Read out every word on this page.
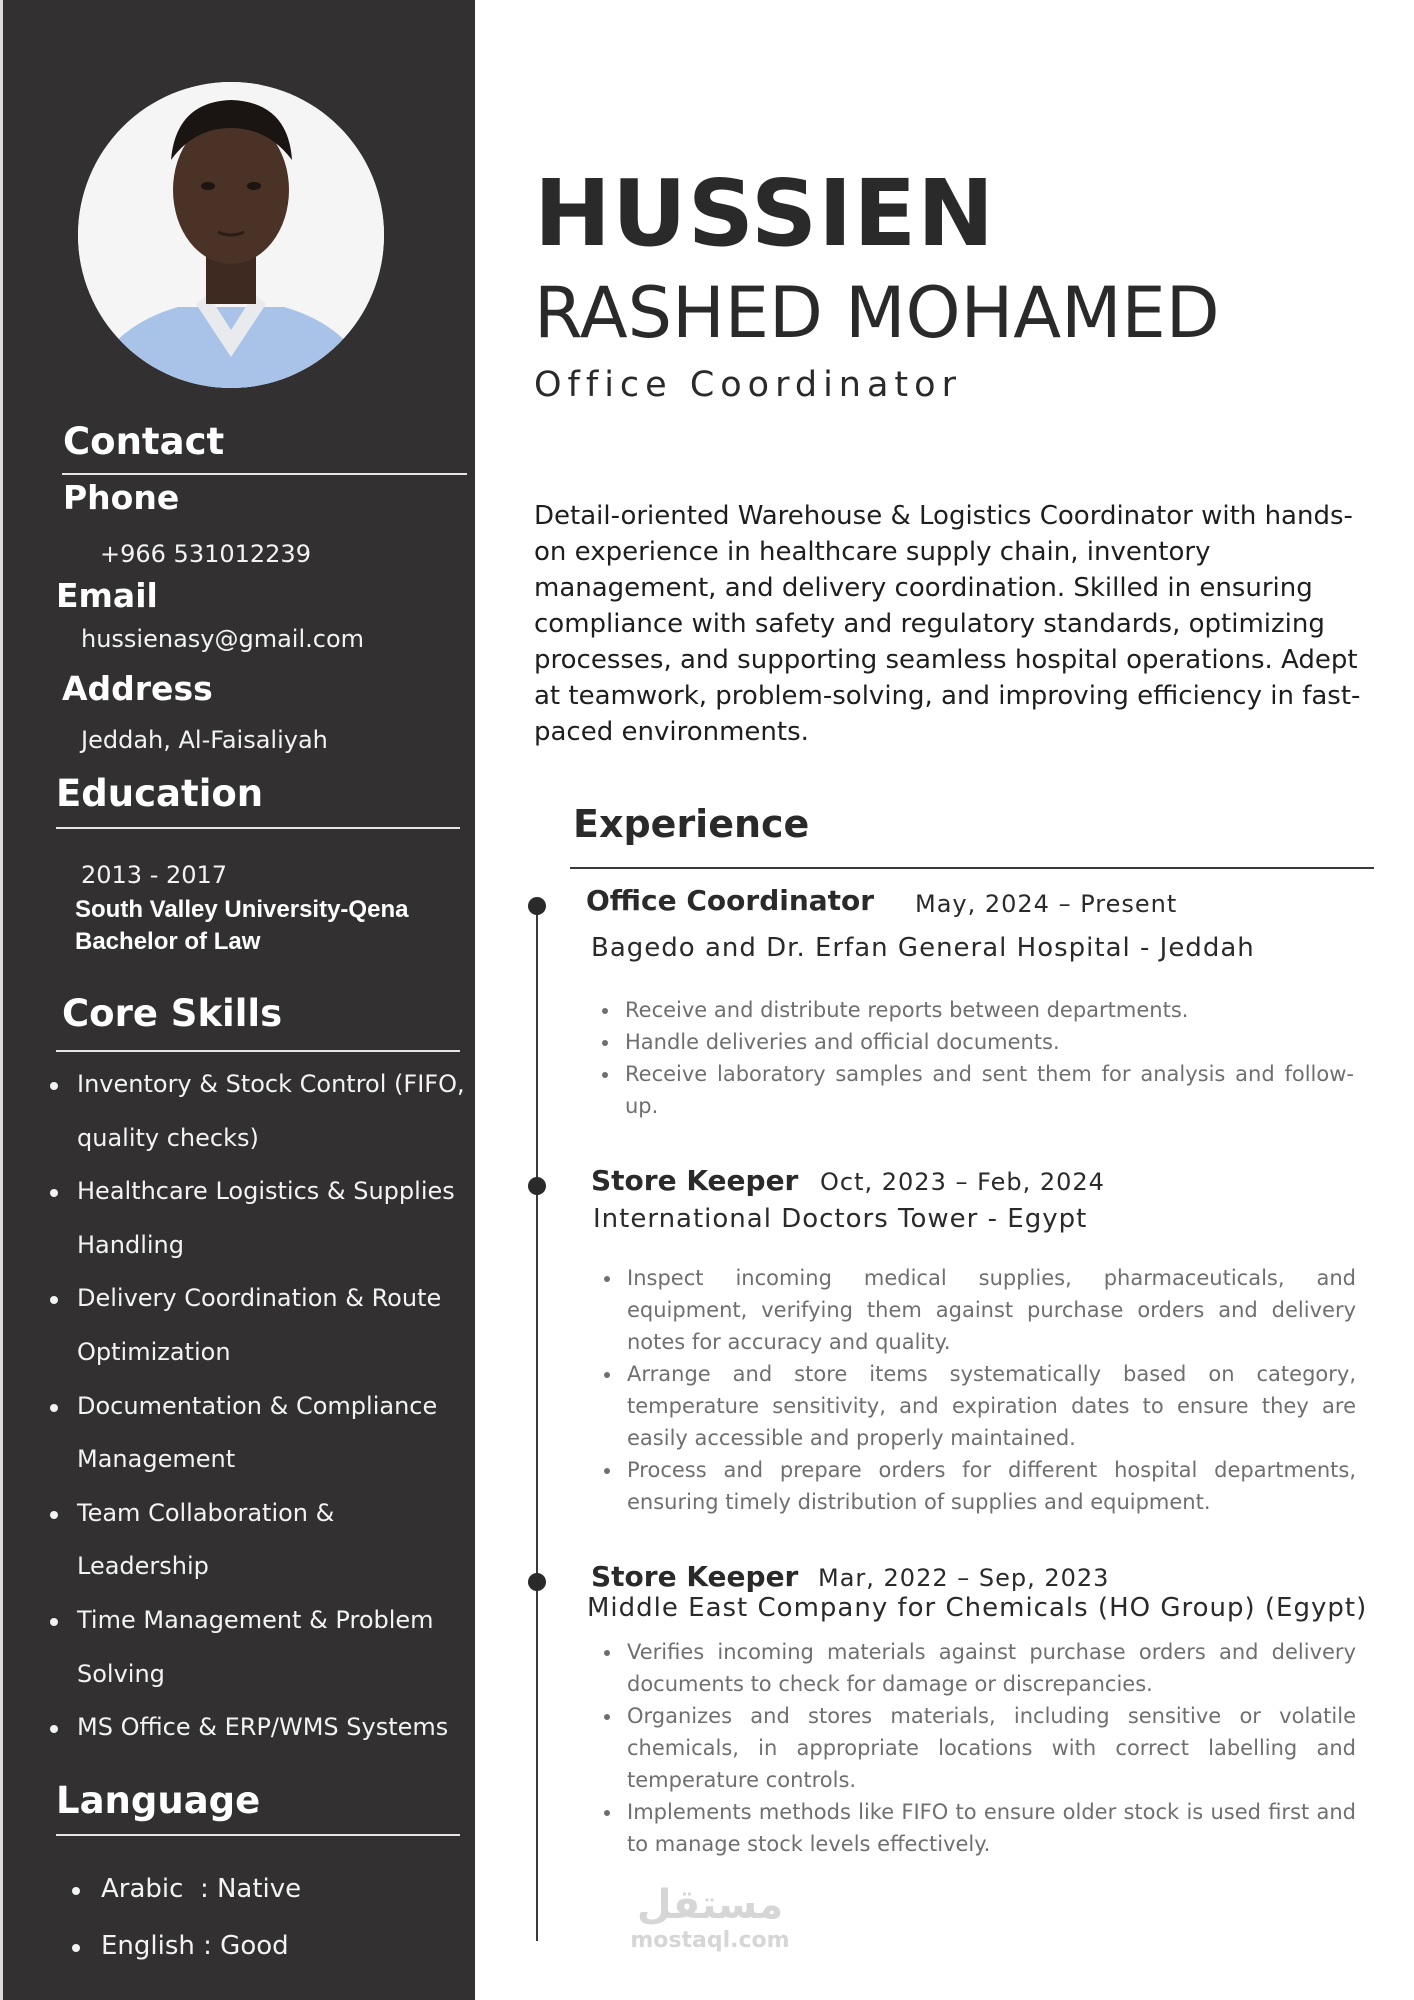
Contact
Phone
+966 531012239
Email
hussienasy@gmail.com
Address
Jeddah, Al-Faisaliyah
Education
2013 - 2017
South Valley University-Qena
Bachelor of Law
Core Skills
Inventory & Stock Control (FIFO, quality checks)
Healthcare Logistics & Supplies Handling
Delivery Coordination & Route Optimization
Documentation & Compliance Management
Team Collaboration & Leadership
Time Management & Problem Solving
MS Office & ERP/WMS Systems
Language
Arabic  : Native
English : Good
HUSSIEN
RASHED MOHAMED
Office Coordinator

Detail-oriented Warehouse & Logistics Coordinator with hands-on experience in healthcare supply chain, inventory management, and delivery coordination. Skilled in ensuring compliance with safety and regulatory standards, optimizing processes, and supporting seamless hospital operations. Adept at teamwork, problem-solving, and improving efficiency in fast-paced environments.

Experience
Office Coordinator May, 2024 – Present
Bagedo and Dr. Erfan General Hospital - Jeddah
Receive and distribute reports between departments.
Handle deliveries and official documents.
Receive laboratory samples and sent them for analysis and follow-up.
Store Keeper Oct, 2023 – Feb, 2024
International Doctors Tower - Egypt
Inspect incoming medical supplies, pharmaceuticals, and equipment, verifying them against purchase orders and delivery notes for accuracy and quality.
Arrange and store items systematically based on category, temperature sensitivity, and expiration dates to ensure they are easily accessible and properly maintained.
Process and prepare orders for different hospital departments, ensuring timely distribution of supplies and equipment.
Store Keeper Mar, 2022 – Sep, 2023
Middle East Company for Chemicals (HO Group) (Egypt)
Verifies incoming materials against purchase orders and delivery documents to check for damage or discrepancies.
Organizes and stores materials, including sensitive or volatile chemicals, in appropriate locations with correct labelling and temperature controls.
Implements methods like FIFO to ensure older stock is used first and to manage stock levels effectively.
مستقل
mostaql.com
